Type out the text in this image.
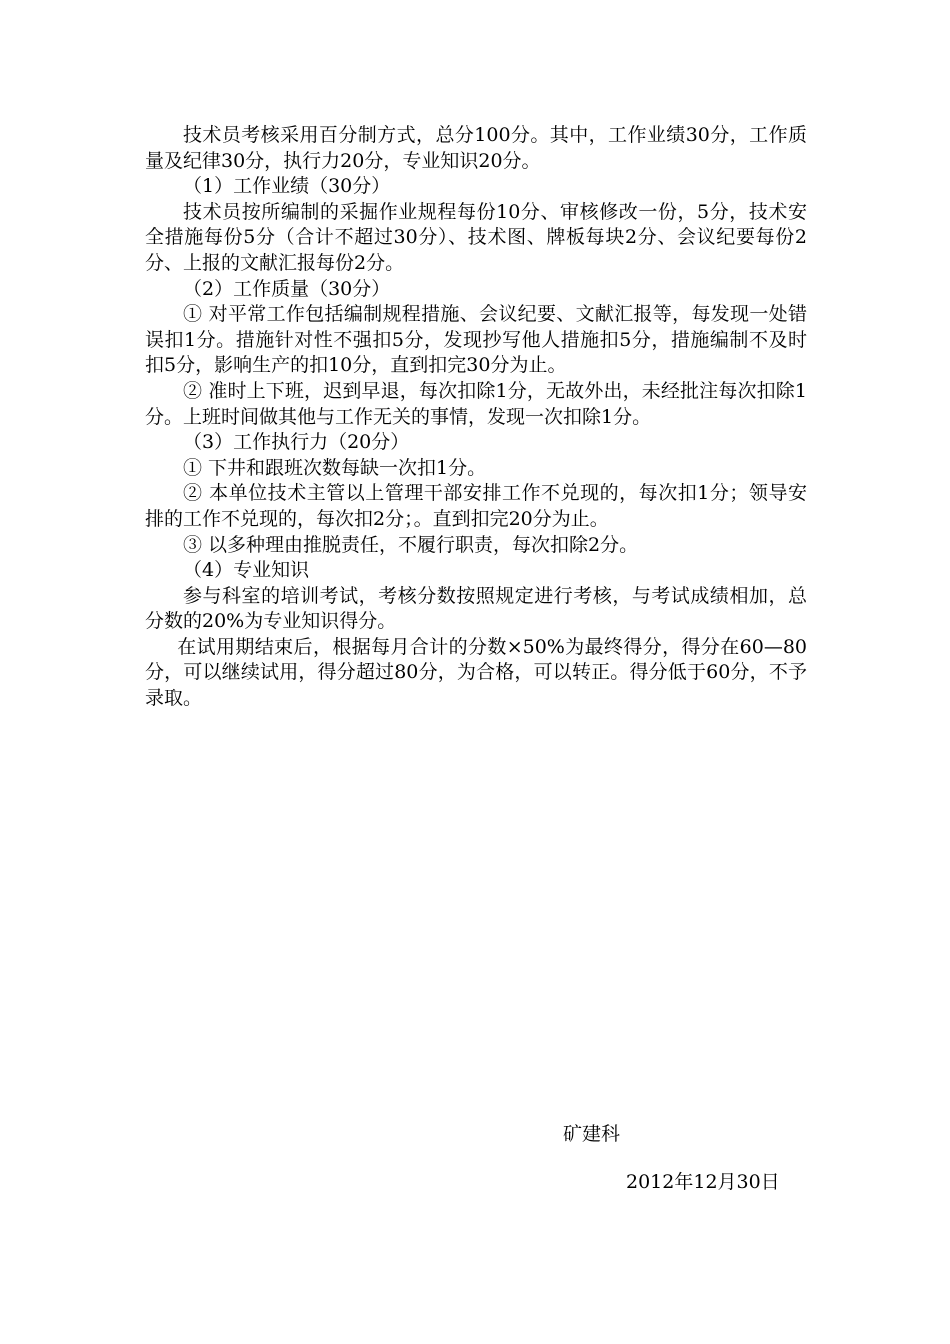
技术员考核采用百分制方式，总分100分。其中，工作业绩30分，工作质量及纪律30分，执行力20分，专业知识20分。

（1）工作业绩（30分）

技术员按所编制的采掘作业规程每份10分、审核修改一份，5分，技术安全措施每份5分（合计不超过30分）、技术图、牌板每块2分、会议纪要每份2分、上报的文献汇报每份2分。

（2）工作质量（30分）

① 对平常工作包括编制规程措施、会议纪要、文献汇报等，每发现一处错误扣1分。措施针对性不强扣5分，发现抄写他人措施扣5分，措施编制不及时扣5分，影响生产的扣10分，直到扣完30分为止。

② 准时上下班，迟到早退，每次扣除1分，无故外出，未经批注每次扣除1分。上班时间做其他与工作无关的事情，发现一次扣除1分。

（3）工作执行力（20分）

① 下井和跟班次数每缺一次扣1分。

② 本单位技术主管以上管理干部安排工作不兑现的，每次扣1分；领导安排的工作不兑现的，每次扣2分；。直到扣完20分为止。

③ 以多种理由推脱责任，不履行职责，每次扣除2分。

（4）专业知识

参与科室的培训考试，考核分数按照规定进行考核，与考试成绩相加，总分数的20%为专业知识得分。

在试用期结束后，根据每月合计的分数×50%为最终得分，得分在60—80分，可以继续试用，得分超过80分，为合格，可以转正。得分低于60分，不予录取。

矿建科
2012年12月30日
